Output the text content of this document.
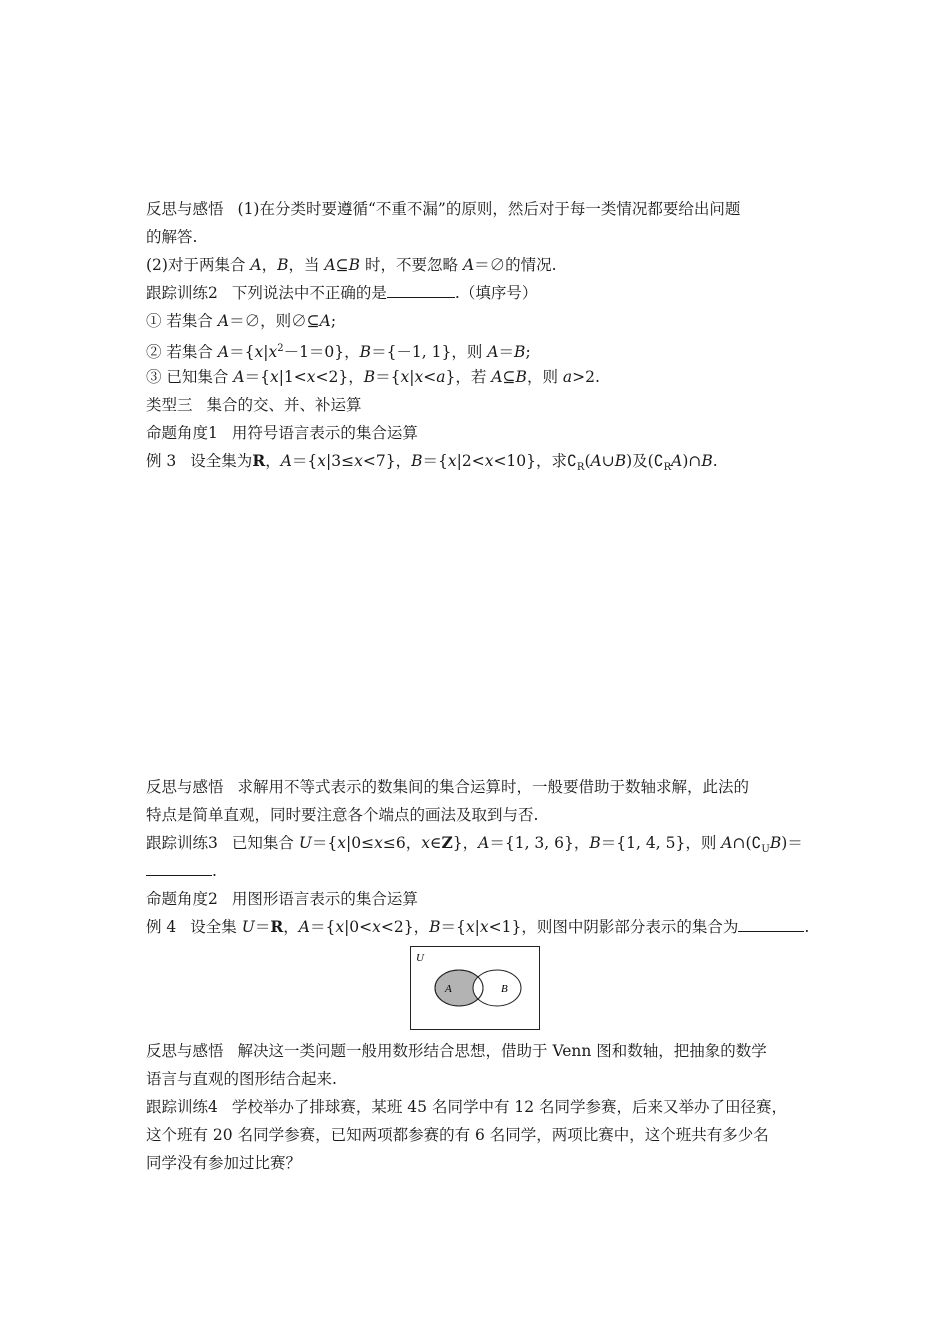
反思与感悟 (1)在分类时要遵循“不重不漏”的原则，然后对于每一类情况都要给出问题
的解答.
(2)对于两集合 A，B，当 A⊆B 时，不要忽略 A＝∅的情况.
跟踪训练2 下列说法中不正确的是	.（填序号）
① 若集合 A＝∅，则∅⊆A;
② 若集合 $A=\{x|x^2-1=0\}$，B＝{－1, 1}，则 A＝B;
③ 已知集合 A＝{x|1<x<2}，B＝{x|x<a}，若 A⊆B，则 a>2.
类型三 集合的交、并、补运算
命题角度1 用符号语言表示的集合运算
例 3 设全集为R，A＝{x|3≤x<7}，B＝{x|2<x<10}，求$∁_R(A\cup B)$及$(∁_RA)\cap B$.
反思与感悟 求解用不等式表示的数集间的集合运算时，一般要借助于数轴求解，此法的
特点是简单直观，同时要注意各个端点的画法及取到与否.
跟踪训练3 已知集合 U＝{x|0≤x≤6，x∈Z}，A＝{1, 3, 6}，B＝{1, 4, 5}，则 $A\cap(∁_UB)=$
.
命题角度2 用图形语言表示的集合运算
例 4 设全集 U＝R，A＝{x|0<x<2}，B＝{x|x<1}，则图中阴影部分表示的集合为	.
U
A	B
反思与感悟 解决这一类问题一般用数形结合思想，借助于 Venn 图和数轴，把抽象的数学
语言与直观的图形结合起来.
跟踪训练4 学校举办了排球赛，某班 45 名同学中有 12 名同学参赛，后来又举办了田径赛，
这个班有 20 名同学参赛，已知两项都参赛的有 6 名同学，两项比赛中，这个班共有多少名
同学没有参加过比赛？
